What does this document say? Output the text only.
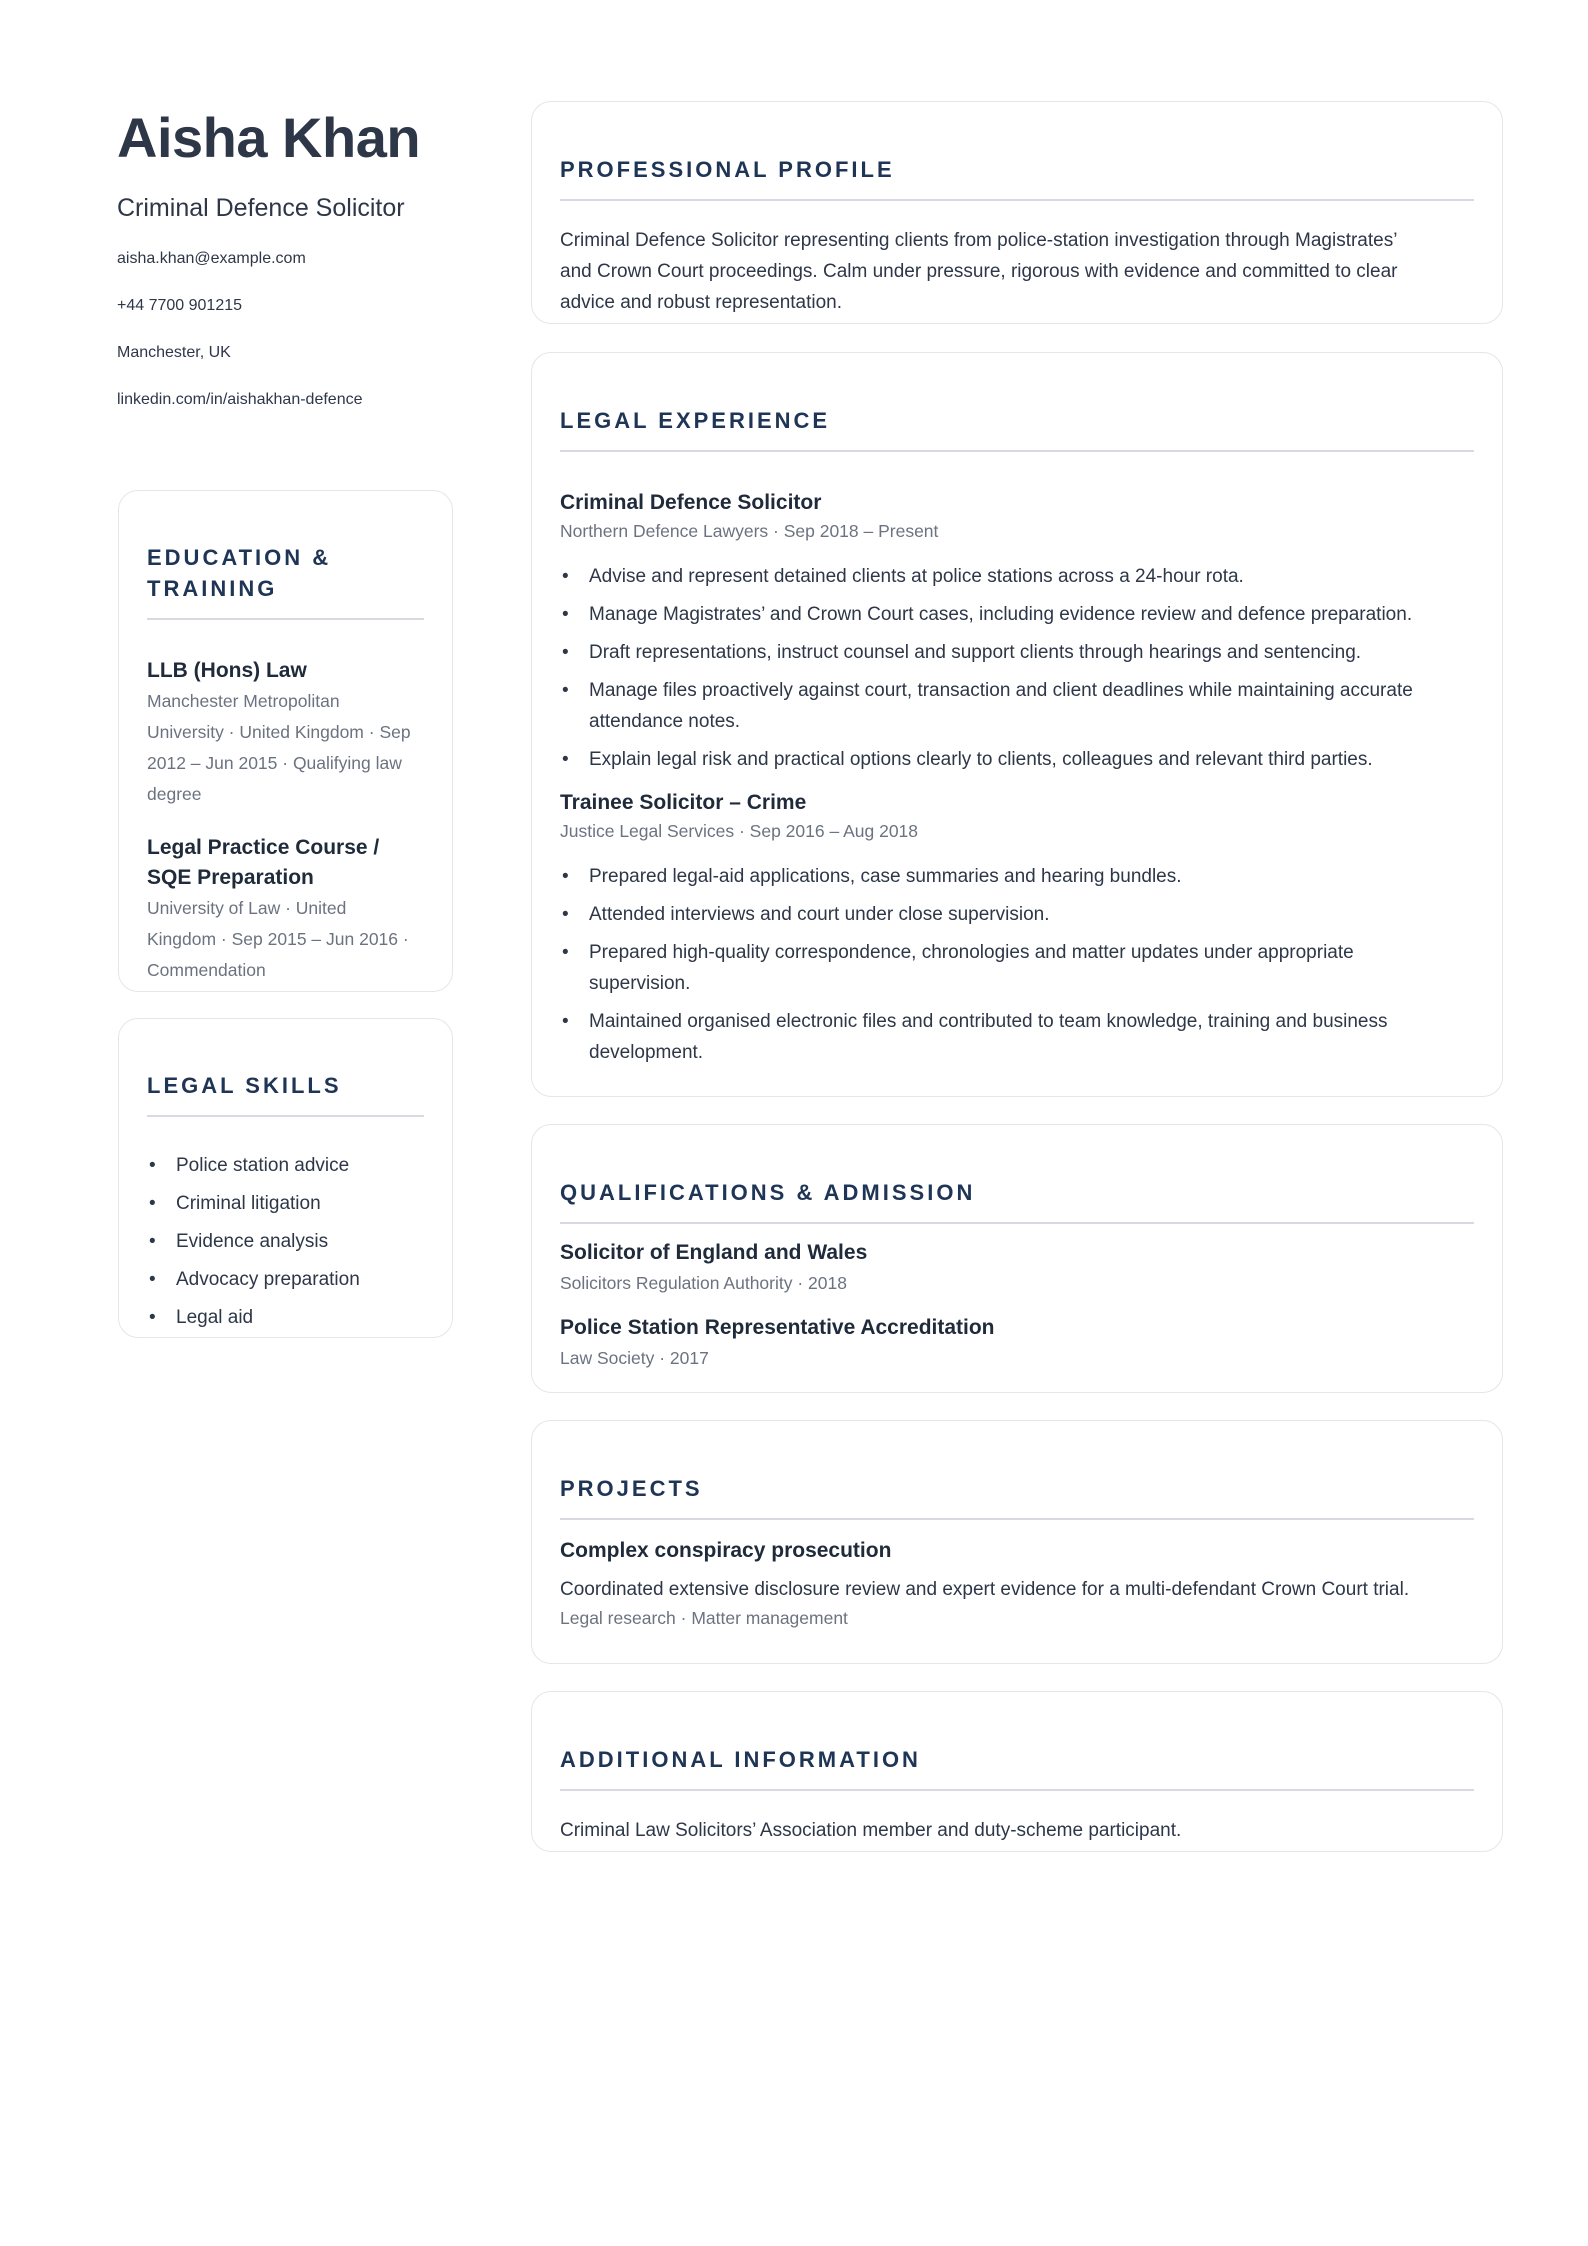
Aisha Khan
Criminal Defence Solicitor
aisha.khan@example.com
+44 7700 901215
Manchester, UK
linkedin.com/in/aishakhan-defence
EDUCATION &
TRAINING
LLB (Hons) Law
Manchester Metropolitan
University · United Kingdom · Sep
2012 – Jun 2015 · Qualifying law
degree
Legal Practice Course /
SQE Preparation
University of Law · United
Kingdom · Sep 2015 – Jun 2016 ·
Commendation
LEGAL SKILLS
• Police station advice
• Criminal litigation
• Evidence analysis
• Advocacy preparation
• Legal aid
PROFESSIONAL PROFILE
Criminal Defence Solicitor representing clients from police-station investigation through Magistrates’
and Crown Court proceedings. Calm under pressure, rigorous with evidence and committed to clear
advice and robust representation.
LEGAL EXPERIENCE
Criminal Defence Solicitor
Northern Defence Lawyers · Sep 2018 – Present
• Advise and represent detained clients at police stations across a 24-hour rota.
• Manage Magistrates’ and Crown Court cases, including evidence review and defence preparation.
• Draft representations, instruct counsel and support clients through hearings and sentencing.
• Manage files proactively against court, transaction and client deadlines while maintaining accurate
attendance notes.
• Explain legal risk and practical options clearly to clients, colleagues and relevant third parties.
Trainee Solicitor – Crime
Justice Legal Services · Sep 2016 – Aug 2018
• Prepared legal-aid applications, case summaries and hearing bundles.
• Attended interviews and court under close supervision.
• Prepared high-quality correspondence, chronologies and matter updates under appropriate
supervision.
• Maintained organised electronic files and contributed to team knowledge, training and business
development.
QUALIFICATIONS & ADMISSION
Solicitor of England and Wales
Solicitors Regulation Authority · 2018
Police Station Representative Accreditation
Law Society · 2017
PROJECTS
Complex conspiracy prosecution
Coordinated extensive disclosure review and expert evidence for a multi-defendant Crown Court trial.
Legal research · Matter management
ADDITIONAL INFORMATION
Criminal Law Solicitors’ Association member and duty-scheme participant.
